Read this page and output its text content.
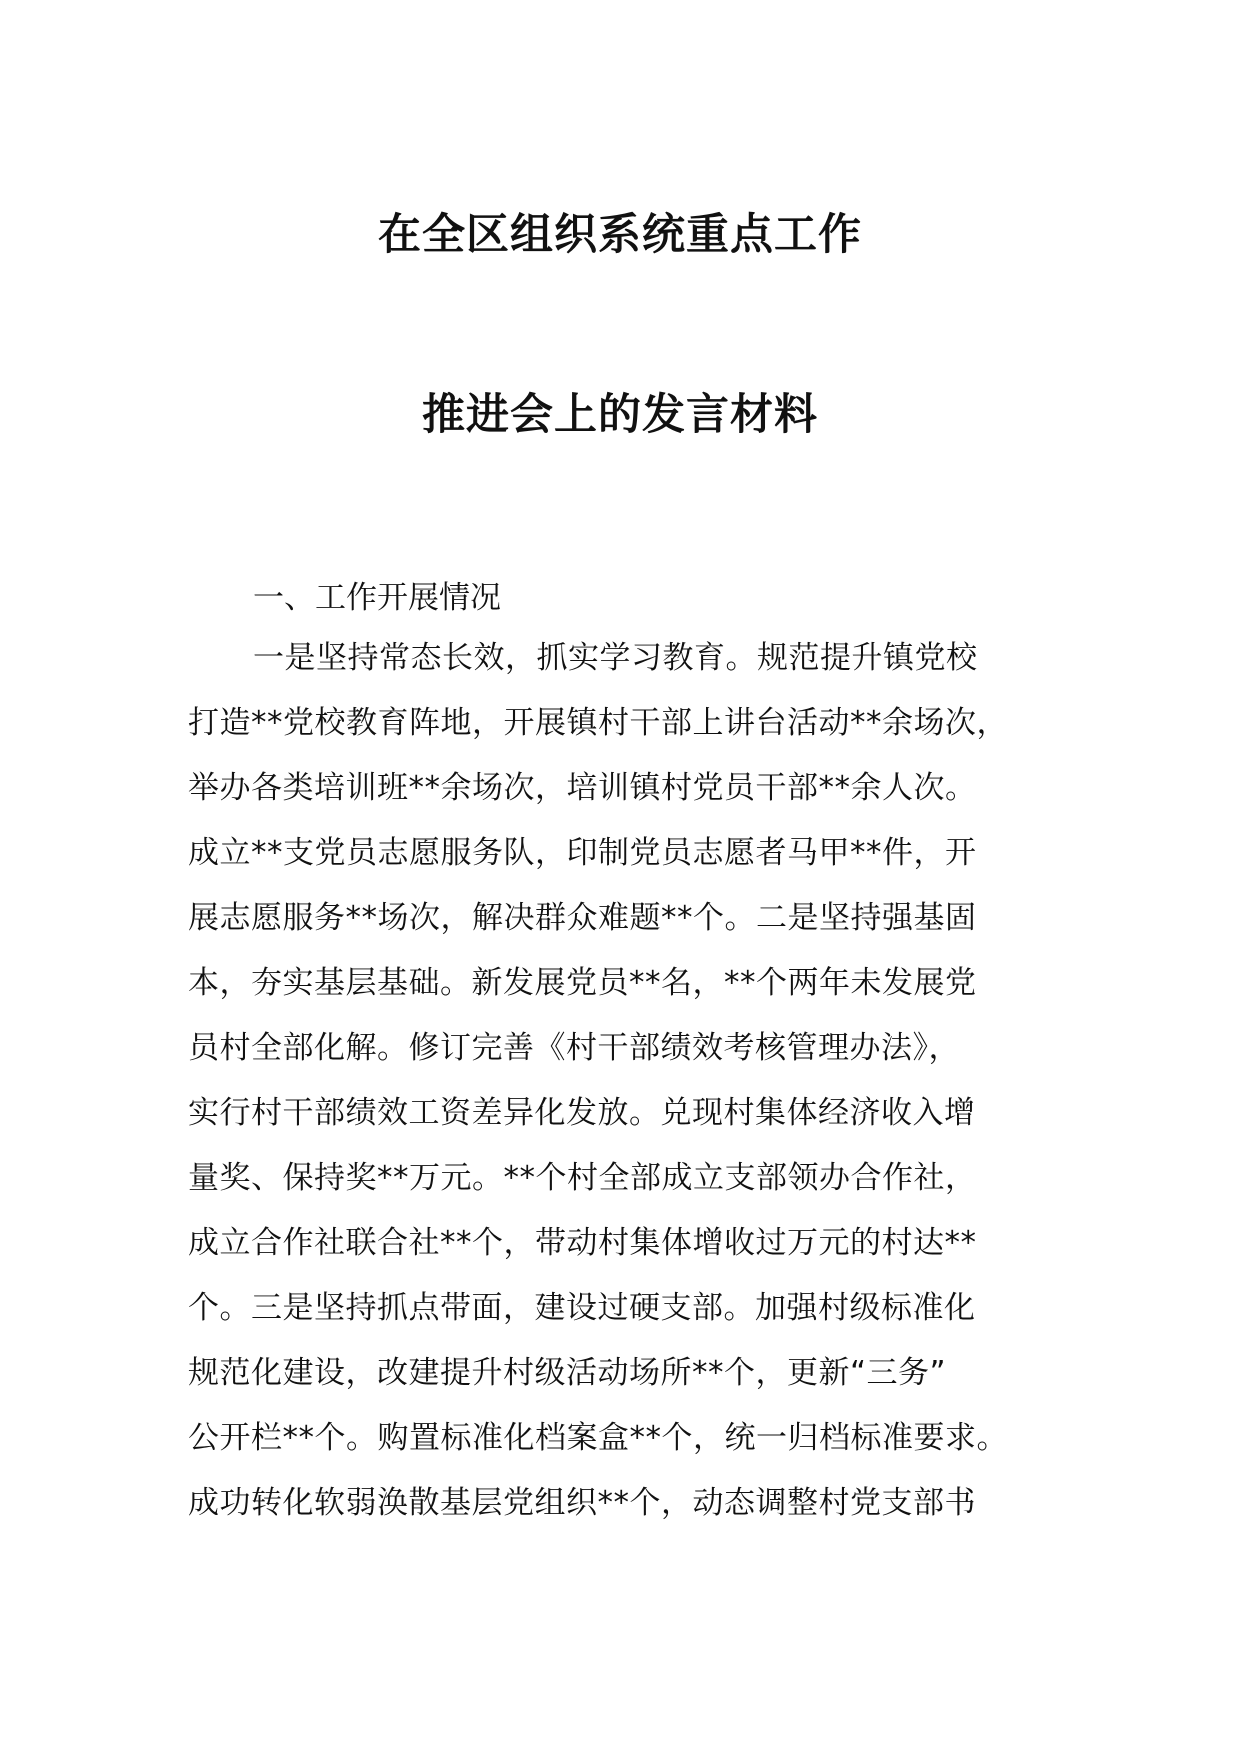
在全区组织系统重点工作
推进会上的发言材料
一、工作开展情况
一是坚持常态长效，抓实学习教育。规范提升镇党校
打造**党校教育阵地，开展镇村干部上讲台活动**余场次，
举办各类培训班**余场次，培训镇村党员干部**余人次。
成立**支党员志愿服务队，印制党员志愿者马甲**件，开
展志愿服务**场次，解决群众难题**个。二是坚持强基固
本，夯实基层基础。新发展党员**名，**个两年未发展党
员村全部化解。修订完善《村干部绩效考核管理办法》，
实行村干部绩效工资差异化发放。兑现村集体经济收入增
量奖、保持奖**万元。**个村全部成立支部领办合作社，
成立合作社联合社**个，带动村集体增收过万元的村达**
个。三是坚持抓点带面，建设过硬支部。加强村级标准化
规范化建设，改建提升村级活动场所**个，更新“三务”
公开栏**个。购置标准化档案盒**个，统一归档标准要求。
成功转化软弱涣散基层党组织**个，动态调整村党支部书
